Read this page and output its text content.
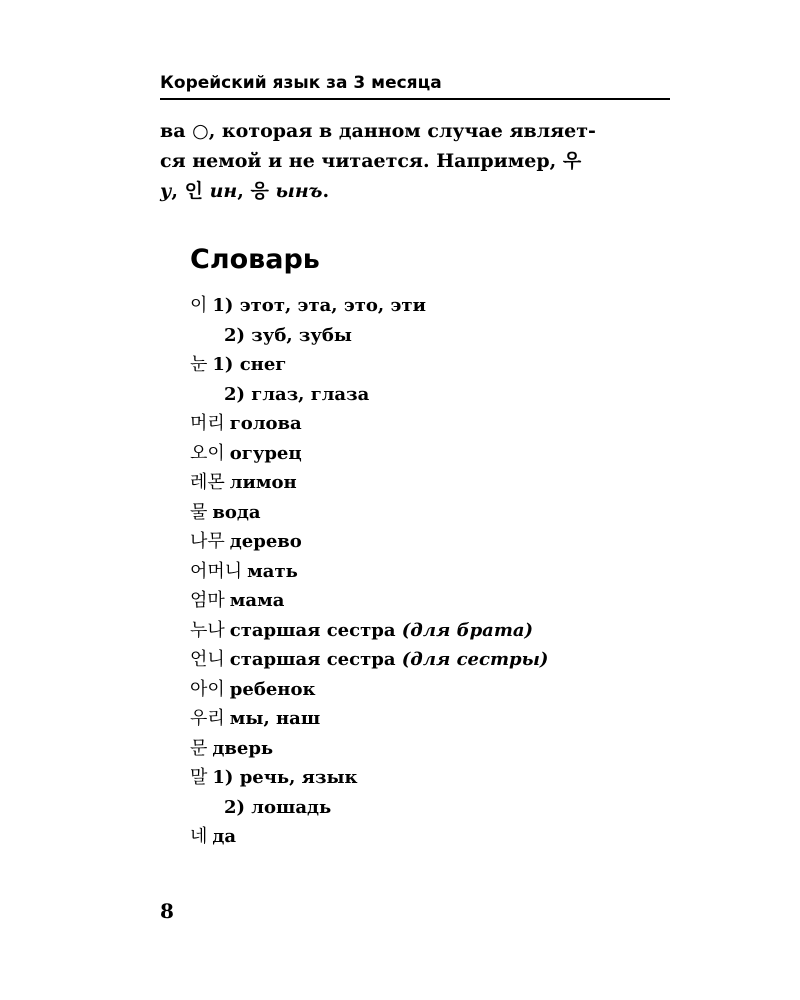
Корейский язык за 3 месяца
ва ○, которая в данном случае являет-
ся немой и не читается. Например, 우
у, 인 ин, 응 ынъ.
Словарь
이 1) этот, эта, это, эти
2) зуб, зубы
눈 1) снег
2) глаз, глаза
머리 голова
오이 огурец
레몬 лимон
물 вода
나무 дерево
어머니 мать
엄마 мама
누나 старшая сестра (для брата)
언니 старшая сестра (для сестры)
아이 ребенок
우리 мы, наш
문 дверь
말 1) речь, язык
2) лошадь
네 да
8
